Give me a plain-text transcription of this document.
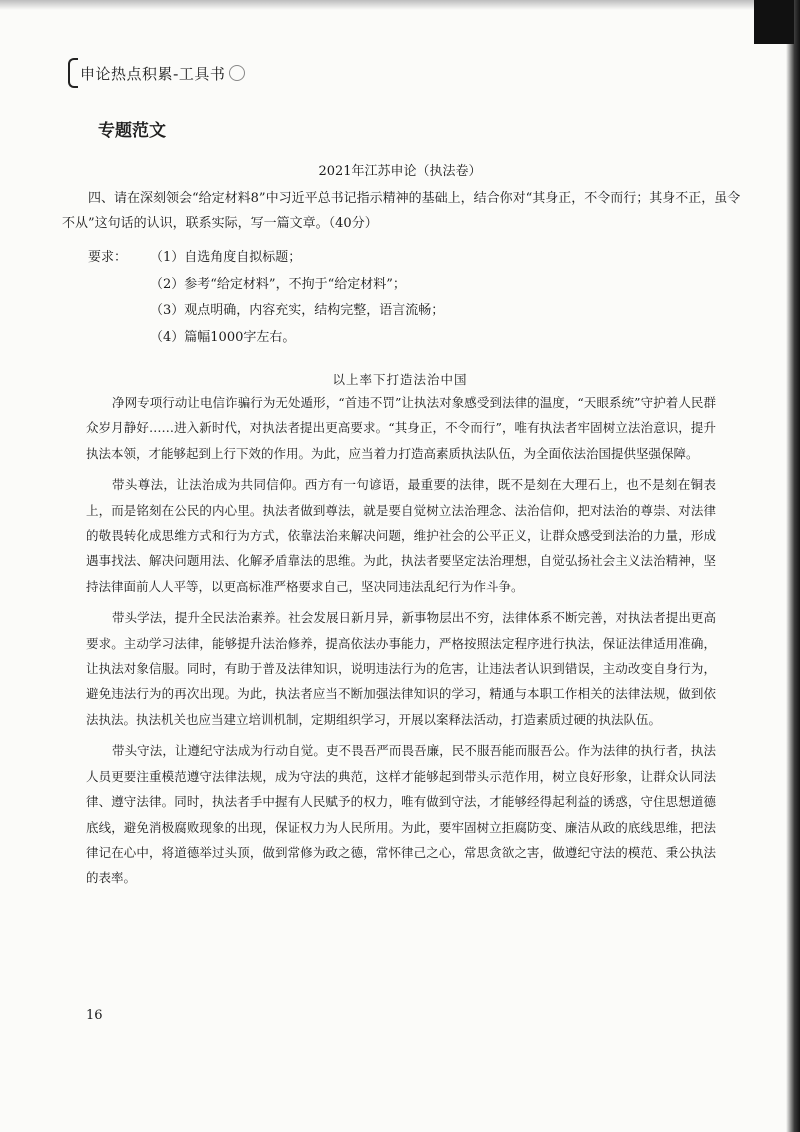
申论热点积累-工具书
专题范文
2021年江苏申论（执法卷）
四、请在深刻领会“给定材料8”中习近平总书记指示精神的基础上，结合你对“其身正，不令而行；其身不正，虽令不从”这句话的认识，联系实际，写一篇文章。（40分）
要求： （1）自选角度自拟标题；
（2）参考“给定材料”，不拘于“给定材料”；
（3）观点明确，内容充实，结构完整，语言流畅；
（4）篇幅1000字左右。
以上率下打造法治中国

净网专项行动让电信诈骗行为无处遁形，“首违不罚”让执法对象感受到法律的温度，“天眼系统”守护着人民群众岁月静好……进入新时代，对执法者提出更高要求。“其身正，不令而行”，唯有执法者牢固树立法治意识，提升执法本领，才能够起到上行下效的作用。为此，应当着力打造高素质执法队伍，为全面依法治国提供坚强保障。

带头尊法，让法治成为共同信仰。西方有一句谚语，最重要的法律，既不是刻在大理石上，也不是刻在铜表上，而是铭刻在公民的内心里。执法者做到尊法，就是要自觉树立法治理念、法治信仰，把对法治的尊崇、对法律的敬畏转化成思维方式和行为方式，依靠法治来解决问题，维护社会的公平正义，让群众感受到法治的力量，形成遇事找法、解决问题用法、化解矛盾靠法的思维。为此，执法者要坚定法治理想，自觉弘扬社会主义法治精神，坚持法律面前人人平等，以更高标准严格要求自己，坚决同违法乱纪行为作斗争。

带头学法，提升全民法治素养。社会发展日新月异，新事物层出不穷，法律体系不断完善，对执法者提出更高要求。主动学习法律，能够提升法治修养，提高依法办事能力，严格按照法定程序进行执法，保证法律适用准确，让执法对象信服。同时，有助于普及法律知识，说明违法行为的危害，让违法者认识到错误，主动改变自身行为，避免违法行为的再次出现。为此，执法者应当不断加强法律知识的学习，精通与本职工作相关的法律法规，做到依法执法。执法机关也应当建立培训机制，定期组织学习，开展以案释法活动，打造素质过硬的执法队伍。

带头守法，让遵纪守法成为行动自觉。吏不畏吾严而畏吾廉，民不服吾能而服吾公。作为法律的执行者，执法人员更要注重模范遵守法律法规，成为守法的典范，这样才能够起到带头示范作用，树立良好形象，让群众认同法律、遵守法律。同时，执法者手中握有人民赋予的权力，唯有做到守法，才能够经得起利益的诱惑，守住思想道德底线，避免消极腐败现象的出现，保证权力为人民所用。为此，要牢固树立拒腐防变、廉洁从政的底线思维，把法律记在心中，将道德举过头顶，做到常修为政之德，常怀律己之心，常思贪欲之害，做遵纪守法的模范、秉公执法的表率。

16
